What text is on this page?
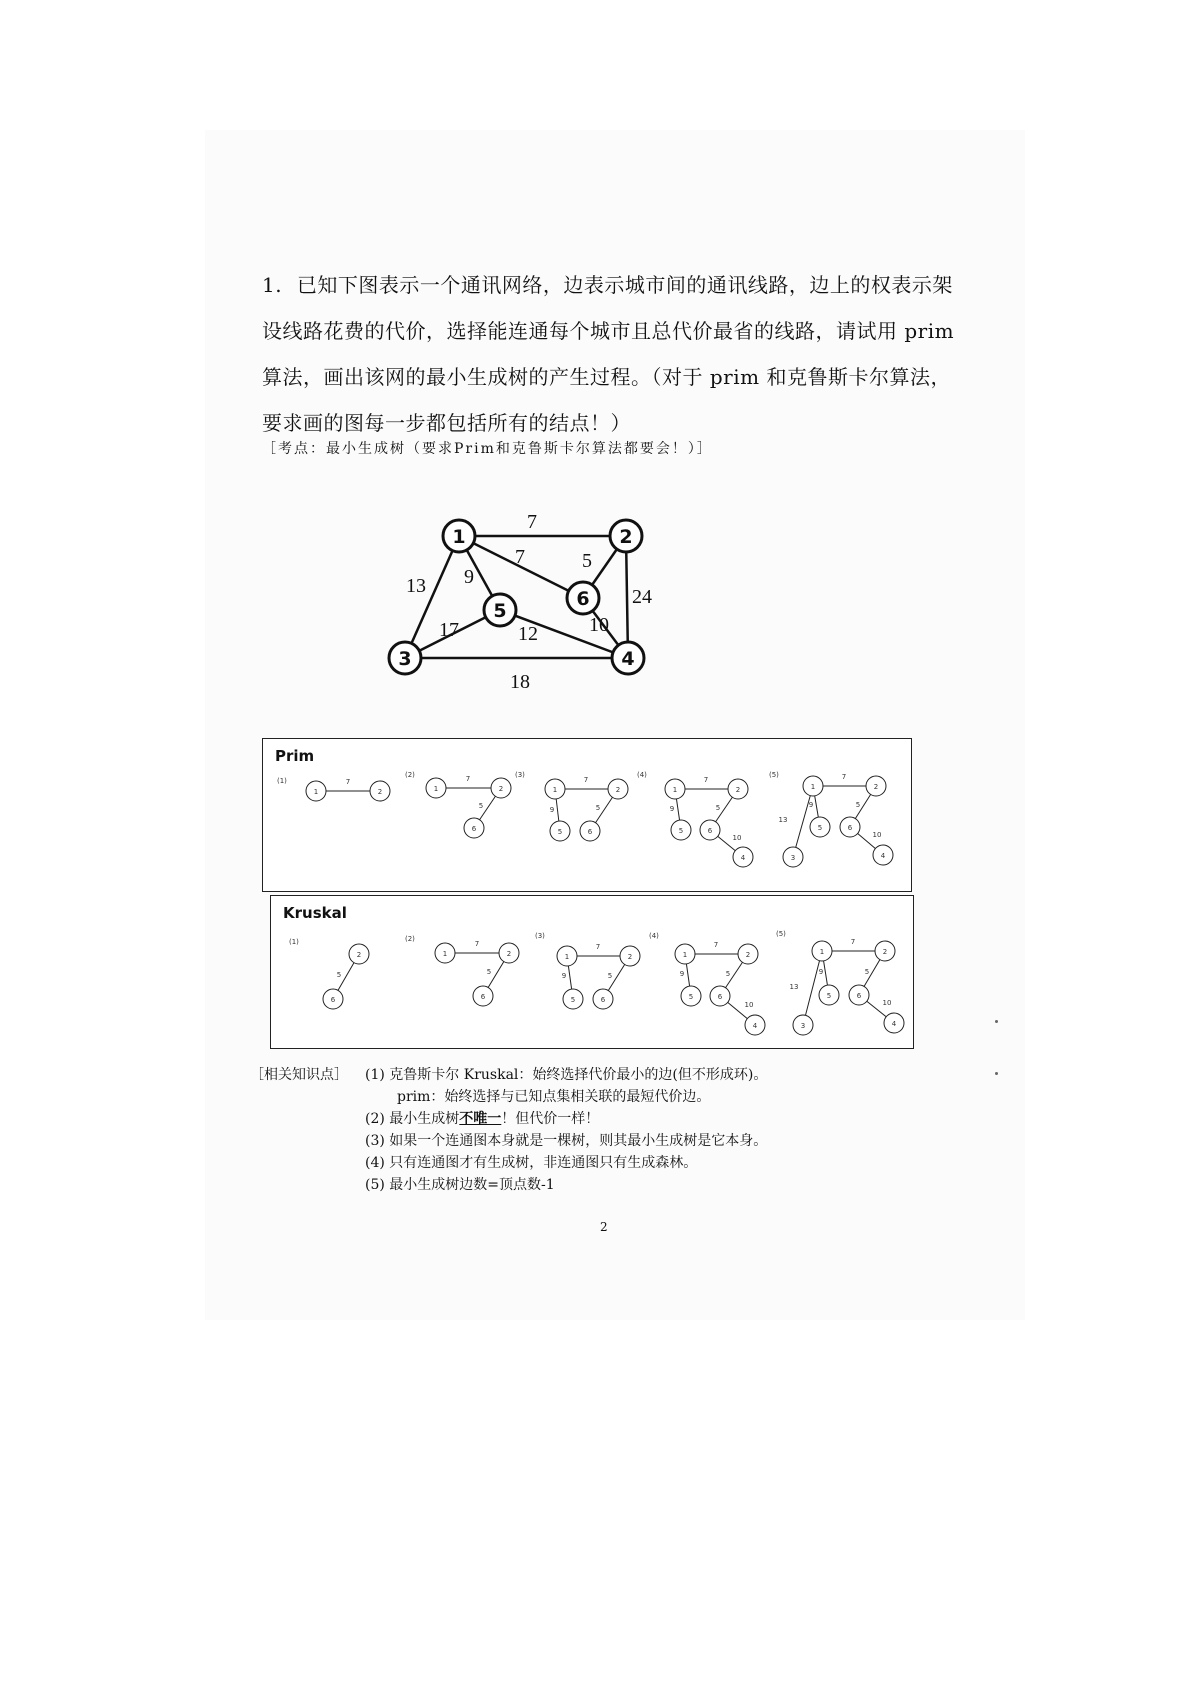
1. 已知下图表示一个通讯网络，边表示城市间的通讯线路，边上的权表示架设线路花费的代价，选择能连通每个城市且总代价最省的线路，请试用 prim 算法，画出该网的最小生成树的产生过程。（对于 prim 和克鲁斯卡尔算法，要求画的图每一步都包括所有的结点！）
［考点：最小生成树（要求Prim和克鲁斯卡尔算法都要会！）］
7
7
9
13
5
24
10
17	12
18
1	2
6
5
3	4
Prim
(1)
(2)	(3)	(4)	(5)
1	2
7
1	2
6
7
5
1	2
5	6
7
9	5
1	2
5	6
4
7
9	5
10
1	2
5	6
4
3
7
9	5
10
13
Kruskal
(1)	(2)	(3)	(4)	(5)
2
6
5
1	2
6
7
5
1	2
5	6
7
9	5
1	2
5	6
4
7
9	5
10
1	2
5	6
4
3
7
9	5
10
13
［相关知识点］ (1) 克鲁斯卡尔 Kruskal：始终选择代价最小的边(但不形成环)。
prim：始终选择与已知点集相关联的最短代价边。
(2) 最小生成树不唯一！但代价一样！
(3) 如果一个连通图本身就是一棵树，则其最小生成树是它本身。
(4) 只有连通图才有生成树，非连通图只有生成森林。
(5) 最小生成树边数=顶点数-1
2
